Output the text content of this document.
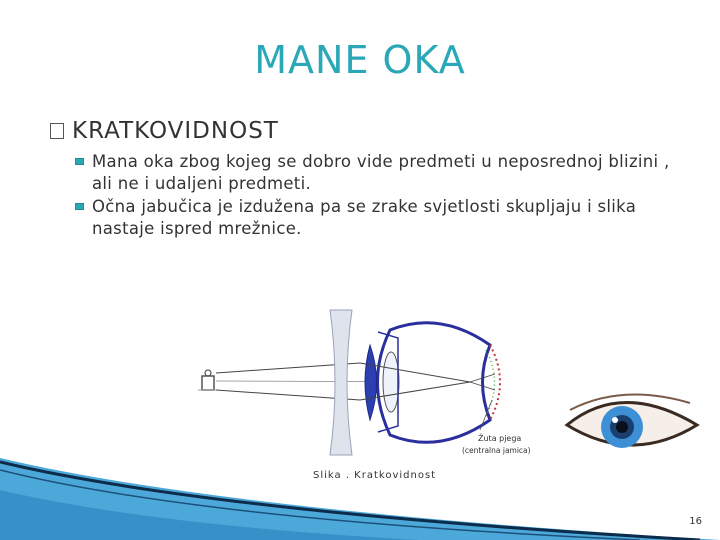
MANE OKA
KRATKOVIDNOST
Mana oka zbog kojeg se dobro vide predmeti u neposrednoj blizini , ali ne i udaljeni predmeti.
Očna jabučica je izdužena pa se zrake svjetlosti skupljaju i slika nastaje ispred mrežnice.
Žuta pjega
(centralna jamica)
Slika . Kratkovidnost
16
